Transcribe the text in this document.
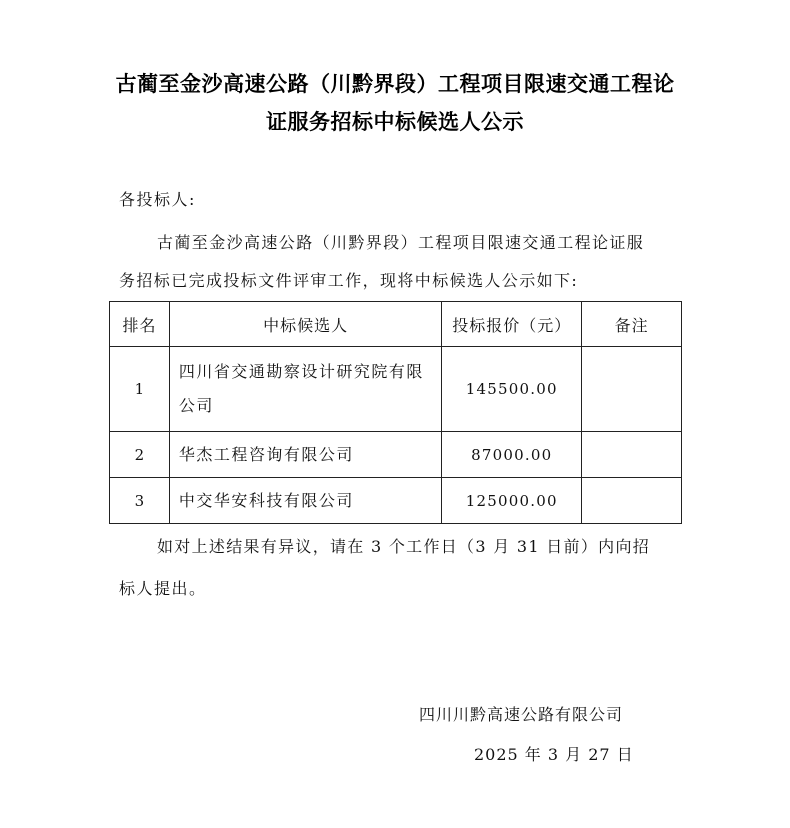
古蔺至金沙高速公路（川黔界段）工程项目限速交通工程论
证服务招标中标候选人公示
各投标人:
古蔺至金沙高速公路（川黔界段）工程项目限速交通工程论证服
务招标已完成投标文件评审工作，现将中标候选人公示如下:
排名	中标候选人	投标报价（元）	备注
1	四川省交通勘察设计研究院有限公司	145500.00	
2	华杰工程咨询有限公司	87000.00	
3	中交华安科技有限公司	125000.00	
如对上述结果有异议，请在 3 个工作日（3 月 31 日前）内向招
标人提出。
四川川黔高速公路有限公司
2025 年 3 月 27 日
